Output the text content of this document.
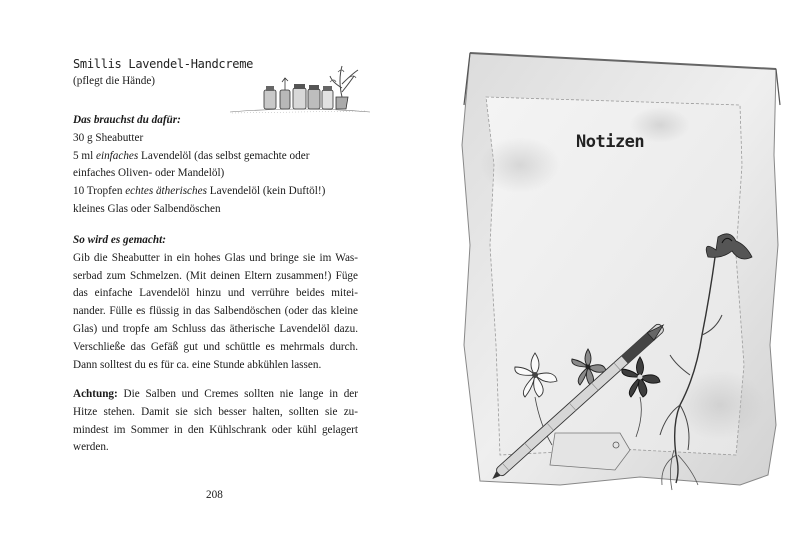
Smillis Lavendel-Handcreme
(pflegt die Hände)

Das brauchst du dafür:

30 g Sheabutter

5 ml einfaches Lavendelöl (das selbst gemachte oder

einfaches Oliven- oder Mandelöl)

10 Tropfen echtes ätherisches Lavendelöl (kein Duftöl!)

kleines Glas oder Salbendöschen

So wird es gemacht:

Gib die Sheabutter in ein hohes Glas und bringe sie im Was- serbad zum Schmelzen. (Mit deinen Eltern zusammen!) Füge das einfache Lavendelöl hinzu und verrühre beides mitei- nander. Fülle es flüssig in das Salbendöschen (oder das kleine Glas) und tropfe am Schluss das ätherische Lavendelöl dazu. Verschließe das Gefäß gut und schüttle es mehrmals durch. Dann solltest du es für ca. eine Stunde abkühlen lassen.

Achtung: Die Salben und Cremes sollten nie lange in der Hitze stehen. Damit sie sich besser halten, sollten sie zu- mindest im Sommer in den Kühlschrank oder kühl gelagert werden.

208
Notizen
